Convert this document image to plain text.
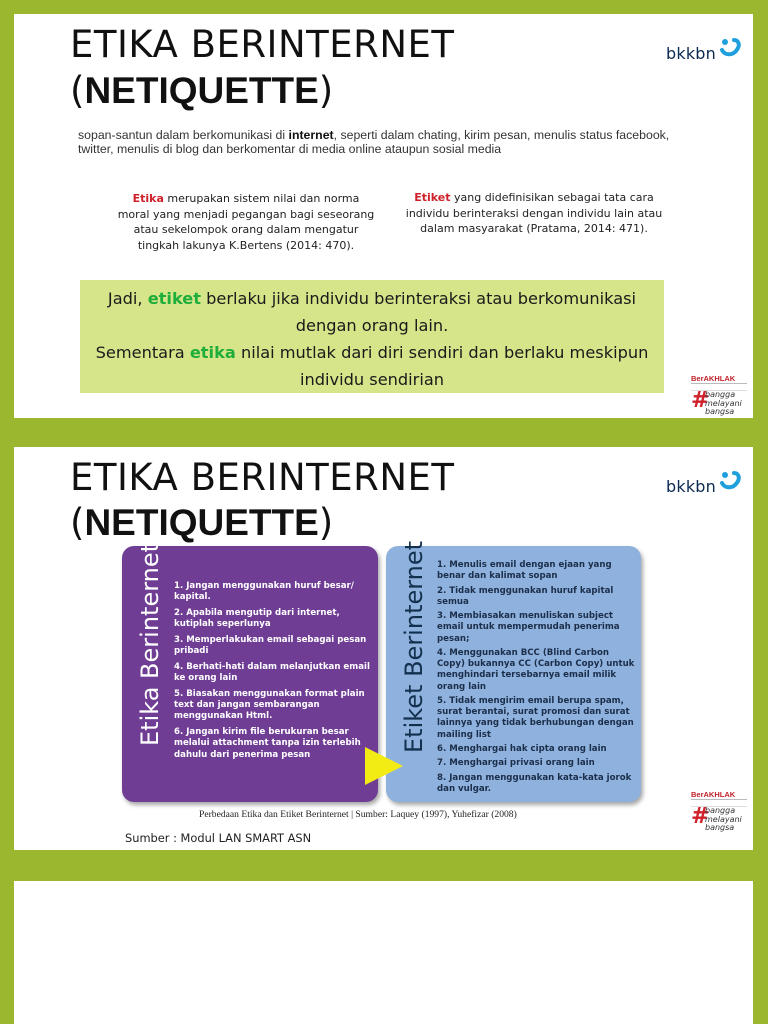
ETIKA BERINTERNET
(NETIQUETTE)
bkkbn
sopan-santun dalam berkomunikasi di internet, seperti dalam chating, kirim pesan, menulis status facebook, twitter, menulis di blog dan berkomentar di media online ataupun sosial media
Etika merupakan sistem nilai dan norma moral yang menjadi pegangan bagi seseorang atau sekelompok orang dalam mengatur tingkah lakunya K.Bertens (2014: 470).
Etiket yang didefinisikan sebagai tata cara individu berinteraksi dengan individu lain atau dalam masyarakat (Pratama, 2014: 471).
Jadi, etiket berlaku jika individu berinteraksi atau berkomunikasi dengan orang lain.
Sementara etika nilai mutlak dari diri sendiri dan berlaku meskipun individu sendirian	BerAKHLAK
#
bangga
melayani
bangsa
ETIKA BERINTERNET
(NETIQUETTE)
bkkbn
Etika Berinternet 1. Jangan menggunakan huruf besar/ kapital.
2. Apabila mengutip dari internet, kutiplah seperlunya
3. Memperlakukan email sebagai pesan pribadi
4. Berhati-hati dalam melanjutkan email ke orang lain
5. Biasakan menggunakan format plain text dan jangan sembarangan menggunakan Html.
6. Jangan kirim file berukuran besar melalui attachment tanpa izin terlebih dahulu dari penerima pesan
Etiket Berinternet 1. Menulis email dengan ejaan yang benar dan kalimat sopan
2. Tidak menggunakan huruf kapital semua
3. Membiasakan menuliskan subject email untuk mempermudah penerima pesan;
4. Menggunakan BCC (Blind Carbon Copy) bukannya CC (Carbon Copy) untuk menghindari tersebarnya email milik orang lain
5. Tidak mengirim email berupa spam, surat berantai, surat promosi dan surat lainnya yang tidak berhubungan dengan mailing list
6. Menghargai hak cipta orang lain
7. Menghargai privasi orang lain
8. Jangan menggunakan kata-kata jorok dan vulgar.
Perbedaan Etika dan Etiket Berinternet | Sumber: Laquey (1997), Yuhefizar (2008)
Sumber : Modul LAN SMART ASN
BerAKHLAK
#
bangga
melayani
bangsa
